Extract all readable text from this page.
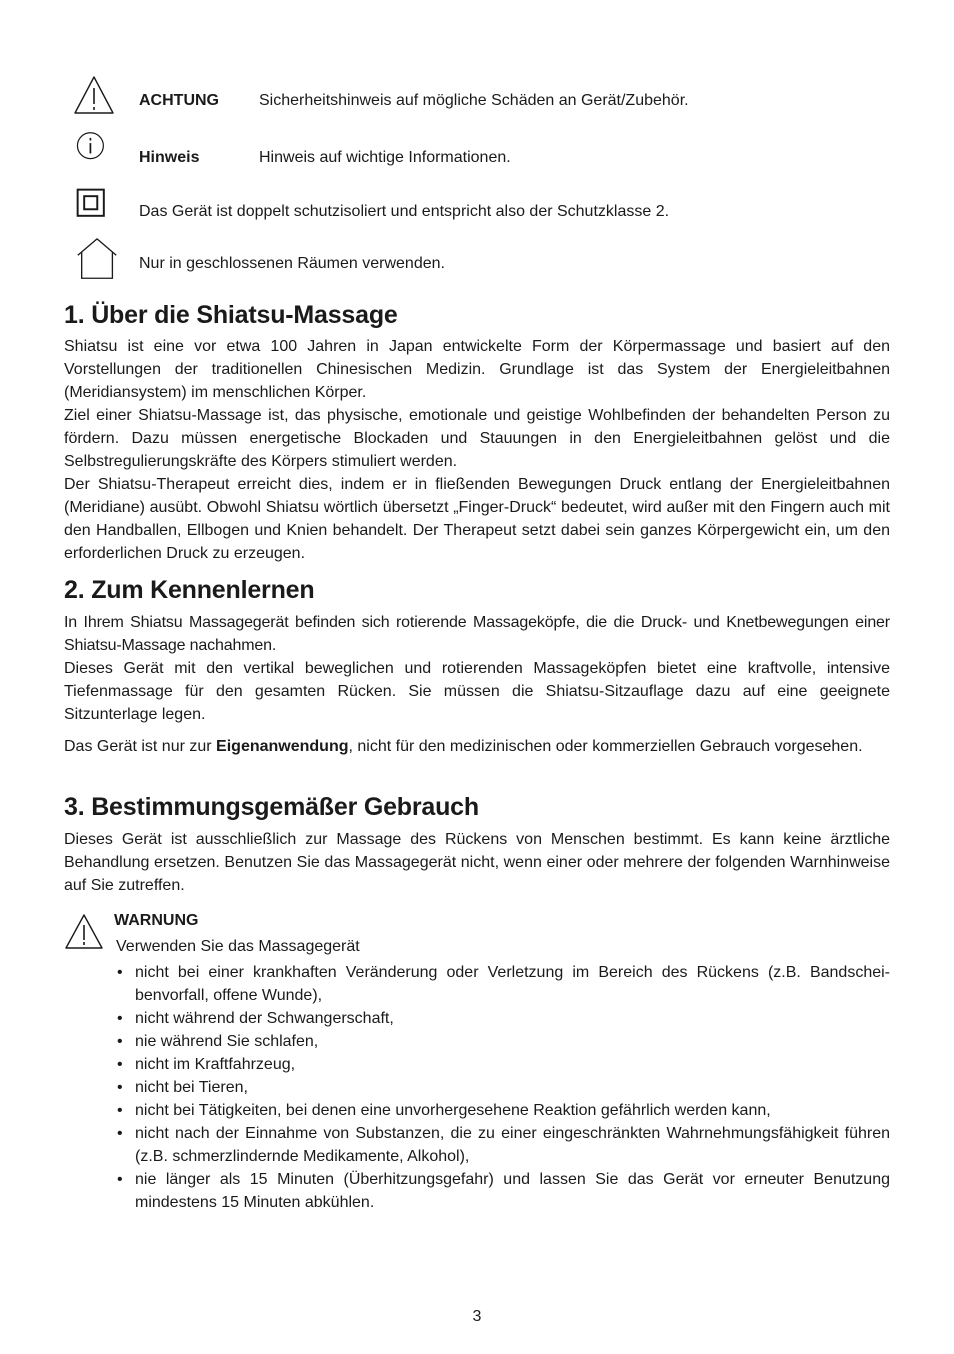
ACHTUNG	Sicherheitshinweis auf mögliche Schäden an Gerät/Zubehör.
Hinweis	Hinweis auf wichtige Informationen.
Das Gerät ist doppelt schutzisoliert und entspricht also der Schutzklasse 2.
Nur in geschlossenen Räumen verwenden.
1. Über die Shiatsu-Massage

Shiatsu ist eine vor etwa 100 Jahren in Japan entwickelte Form der Körpermassage und basiert auf den Vorstellungen der traditionellen Chinesischen Medizin. Grundlage ist das System der Energieleitbahnen (Meridiansystem) im menschlichen Körper.

Ziel einer Shiatsu-Massage ist, das physische, emotionale und geistige Wohlbefinden der behandelten Person zu fördern. Dazu müssen energetische Blockaden und Stauungen in den Energieleitbahnen gelöst und die Selbstregulierungskräfte des Körpers stimuliert werden.

Der Shiatsu-Therapeut erreicht dies, indem er in fließenden Bewegungen Druck entlang der Energieleitbahnen (Meridiane) ausübt. Obwohl Shiatsu wörtlich übersetzt „Finger-Druck“ bedeutet, wird außer mit den Fingern auch mit den Handballen, Ellbogen und Knien behandelt. Der Therapeut setzt dabei sein ganzes Körpergewicht ein, um den erforderlichen Druck zu erzeugen.

2. Zum Kennenlernen

In Ihrem Shiatsu Massagegerät befinden sich rotierende Massageköpfe, die die Druck- und Knetbewegungen einer Shiatsu-Massage nachahmen.

Dieses Gerät mit den vertikal beweglichen und rotierenden Massageköpfen bietet eine kraftvolle, intensive Tiefenmassage für den gesamten Rücken. Sie müssen die Shiatsu-Sitzauflage dazu auf eine geeignete Sitzunterlage legen.

Das Gerät ist nur zur Eigenanwendung, nicht für den medizinischen oder kommerziellen Gebrauch vorgesehen.

3. Bestimmungsgemäßer Gebrauch

Dieses Gerät ist ausschließlich zur Massage des Rückens von Menschen bestimmt. Es kann keine ärztliche Behandlung ersetzen. Benutzen Sie das Massagegerät nicht, wenn einer oder mehrere der folgenden Warnhinweise auf Sie zutreffen.

WARNUNG
Verwenden Sie das Massagegerät
• nicht bei einer krankhaften Veränderung oder Verletzung im Bereich des Rückens (z.B. Bandscheibenvorfall, offene Wunde),
• nicht während der Schwangerschaft,
• nie während Sie schlafen,
• nicht im Kraftfahrzeug,
• nicht bei Tieren,
• nicht bei Tätigkeiten, bei denen eine unvorhergesehene Reaktion gefährlich werden kann,
• nicht nach der Einnahme von Substanzen, die zu einer eingeschränkten Wahrnehmungsfähigkeit führen (z.B. schmerzlindernde Medikamente, Alkohol),
• nie länger als 15 Minuten (Überhitzungsgefahr) und lassen Sie das Gerät vor erneuter Benutzung mindestens 15 Minuten abkühlen.
3
